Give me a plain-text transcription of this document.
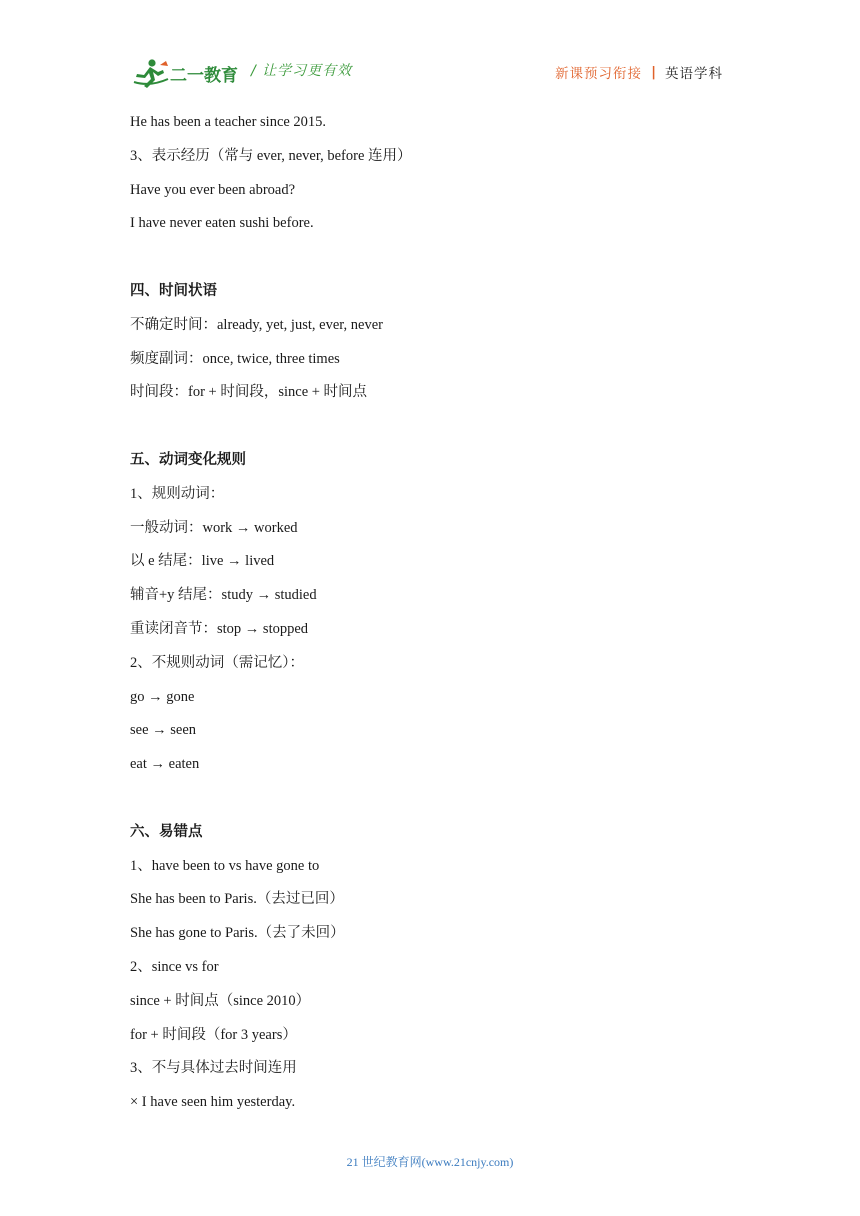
二一教育 / 让学习更有效	新课预习衔接 | 英语学科
He has been a teacher since 2015.
3、表示经历（常与 ever, never, before 连用）
Have you ever been abroad?
I have never eaten sushi before.
四、时间状语
不确定时间：already, yet, just, ever, never
频度副词：once, twice, three times
时间段：for + 时间段，since + 时间点
五、动词变化规则
1、规则动词：
一般动词：work → worked
以 e 结尾：live → lived
辅音+y 结尾：study → studied
重读闭音节：stop → stopped
2、不规则动词（需记忆）：
go → gone
see → seen
eat → eaten
六、易错点
1、have been to vs have gone to
She has been to Paris.（去过已回）
She has gone to Paris.（去了未回）
2、since vs for
since + 时间点（since 2010）
for + 时间段（for 3 years）
3、不与具体过去时间连用
× I have seen him yesterday.
21 世纪教育网(www.21cnjy.com)
